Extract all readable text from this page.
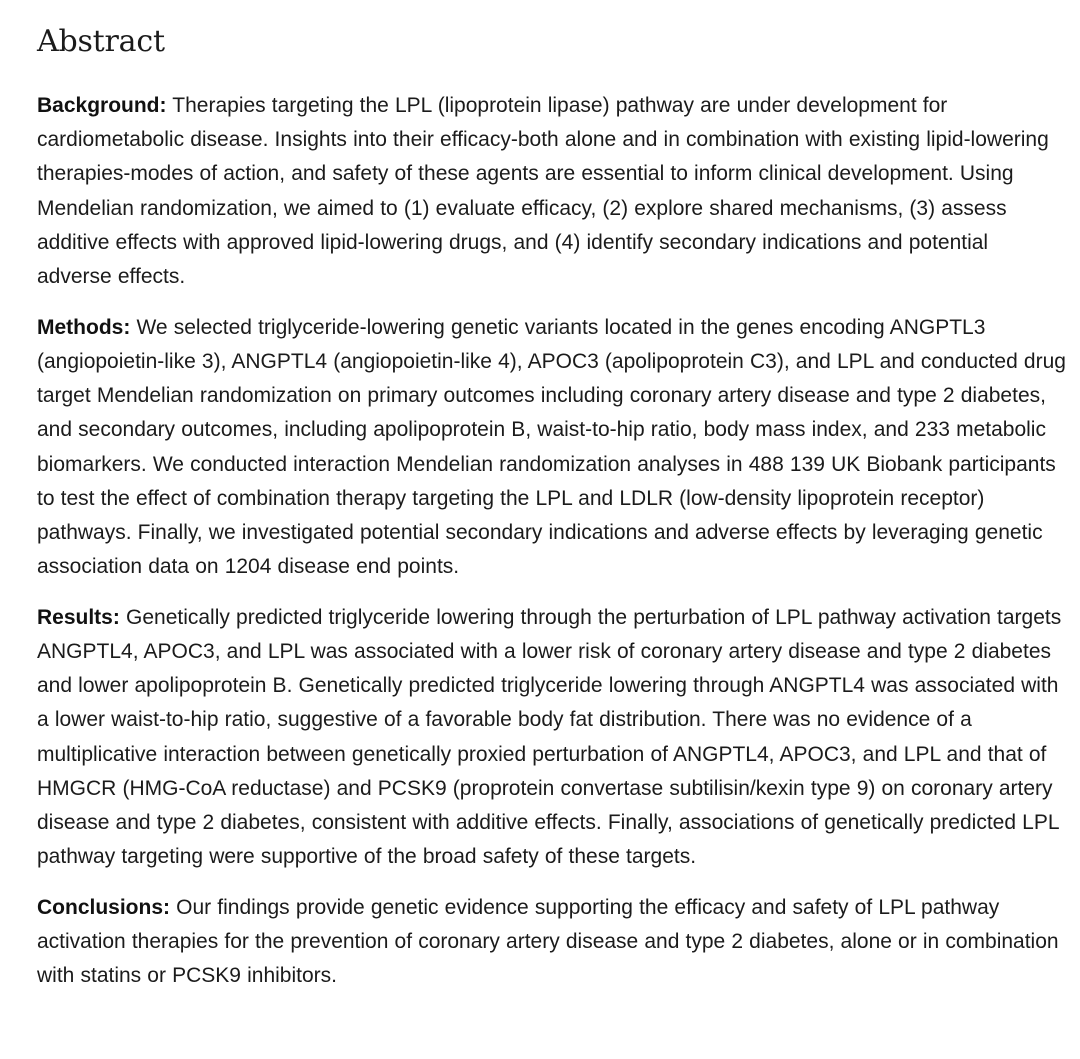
Abstract

Background: Therapies targeting the LPL (lipoprotein lipase) pathway are under development for cardiometabolic disease. Insights into their efficacy-both alone and in combination with existing lipid-lowering therapies-modes of action, and safety of these agents are essential to inform clinical development. Using Mendelian randomization, we aimed to (1) evaluate efficacy, (2) explore shared mechanisms, (3) assess additive effects with approved lipid-lowering drugs, and (4) identify secondary indications and potential adverse effects.

Methods: We selected triglyceride-lowering genetic variants located in the genes encoding ANGPTL3 (angiopoietin-like 3), ANGPTL4 (angiopoietin-like 4), APOC3 (apolipoprotein C3), and LPL and conducted drug target Mendelian randomization on primary outcomes including coronary artery disease and type 2 diabetes, and secondary outcomes, including apolipoprotein B, waist-to-hip ratio, body mass index, and 233 metabolic biomarkers. We conducted interaction Mendelian randomization analyses in 488 139 UK Biobank participants to test the effect of combination therapy targeting the LPL and LDLR (low-density lipoprotein receptor) pathways. Finally, we investigated potential secondary indications and adverse effects by leveraging genetic association data on 1204 disease end points.

Results: Genetically predicted triglyceride lowering through the perturbation of LPL pathway activation targets ANGPTL4, APOC3, and LPL was associated with a lower risk of coronary artery disease and type 2 diabetes and lower apolipoprotein B. Genetically predicted triglyceride lowering through ANGPTL4 was associated with a lower waist-to-hip ratio, suggestive of a favorable body fat distribution. There was no evidence of a multiplicative interaction between genetically proxied perturbation of ANGPTL4, APOC3, and LPL and that of HMGCR (HMG-CoA reductase) and PCSK9 (proprotein convertase subtilisin/kexin type 9) on coronary artery disease and type 2 diabetes, consistent with additive effects. Finally, associations of genetically predicted LPL pathway targeting were supportive of the broad safety of these targets.

Conclusions: Our findings provide genetic evidence supporting the efficacy and safety of LPL pathway activation therapies for the prevention of coronary artery disease and type 2 diabetes, alone or in combination with statins or PCSK9 inhibitors.
